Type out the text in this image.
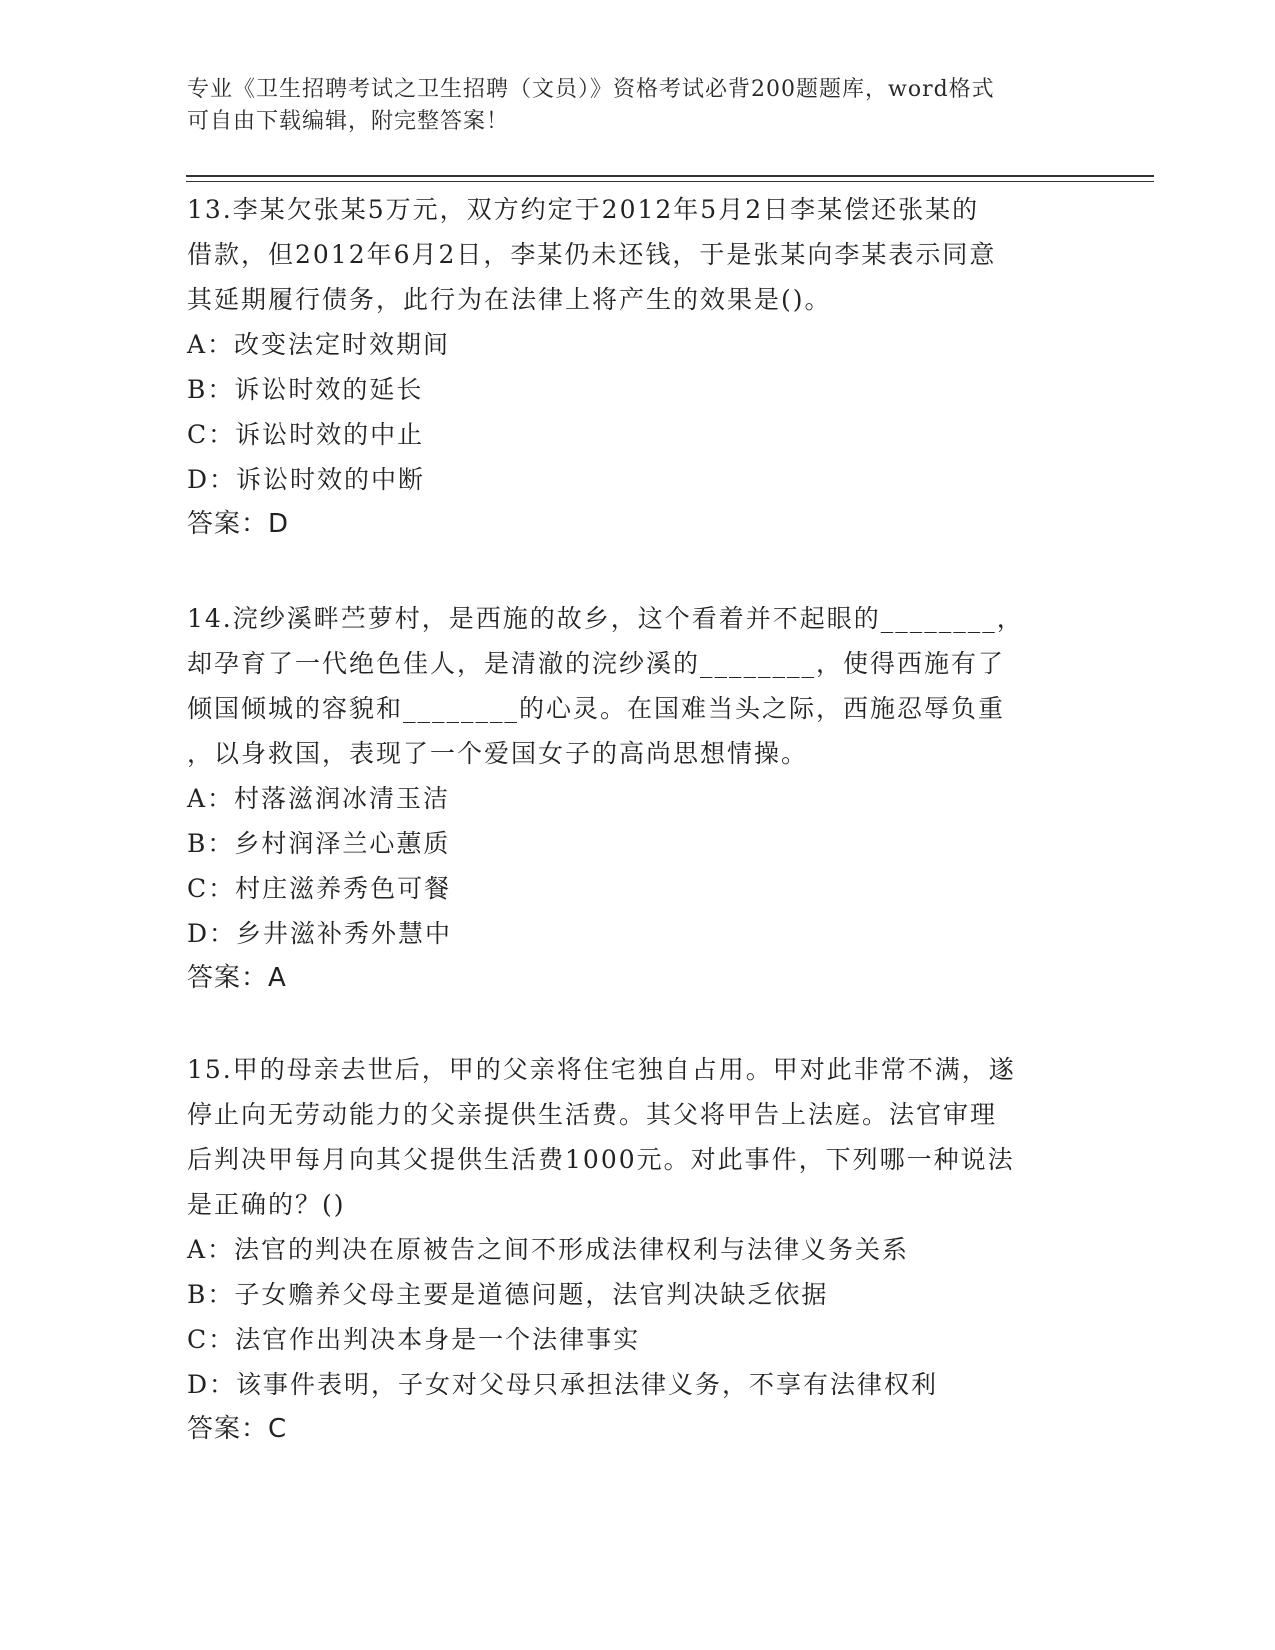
专业《卫生招聘考试之卫生招聘（文员）》资格考试必背200题题库，word格式
可自由下载编辑，附完整答案！

13.李某欠张某5万元，双方约定于2012年5月2日李某偿还张某的

借款，但2012年6月2日，李某仍未还钱，于是张某向李某表示同意

其延期履行债务，此行为在法律上将产生的效果是()。

A：改变法定时效期间

B：诉讼时效的延长

C：诉讼时效的中止

D：诉讼时效的中断

答案：D

14.浣纱溪畔苎萝村，是西施的故乡，这个看着并不起眼的________，

却孕育了一代绝色佳人，是清澈的浣纱溪的________，使得西施有了

倾国倾城的容貌和________的心灵。在国难当头之际，西施忍辱负重

，以身救国，表现了一个爱国女子的高尚思想情操。

A：村落滋润冰清玉洁

B：乡村润泽兰心蕙质

C：村庄滋养秀色可餐

D：乡井滋补秀外慧中

答案：A

15.甲的母亲去世后，甲的父亲将住宅独自占用。甲对此非常不满，遂

停止向无劳动能力的父亲提供生活费。其父将甲告上法庭。法官审理

后判决甲每月向其父提供生活费1000元。对此事件，下列哪一种说法

是正确的？()

A：法官的判决在原被告之间不形成法律权利与法律义务关系

B：子女赡养父母主要是道德问题，法官判决缺乏依据

C：法官作出判决本身是一个法律事实

D：该事件表明，子女对父母只承担法律义务，不享有法律权利

答案：C
